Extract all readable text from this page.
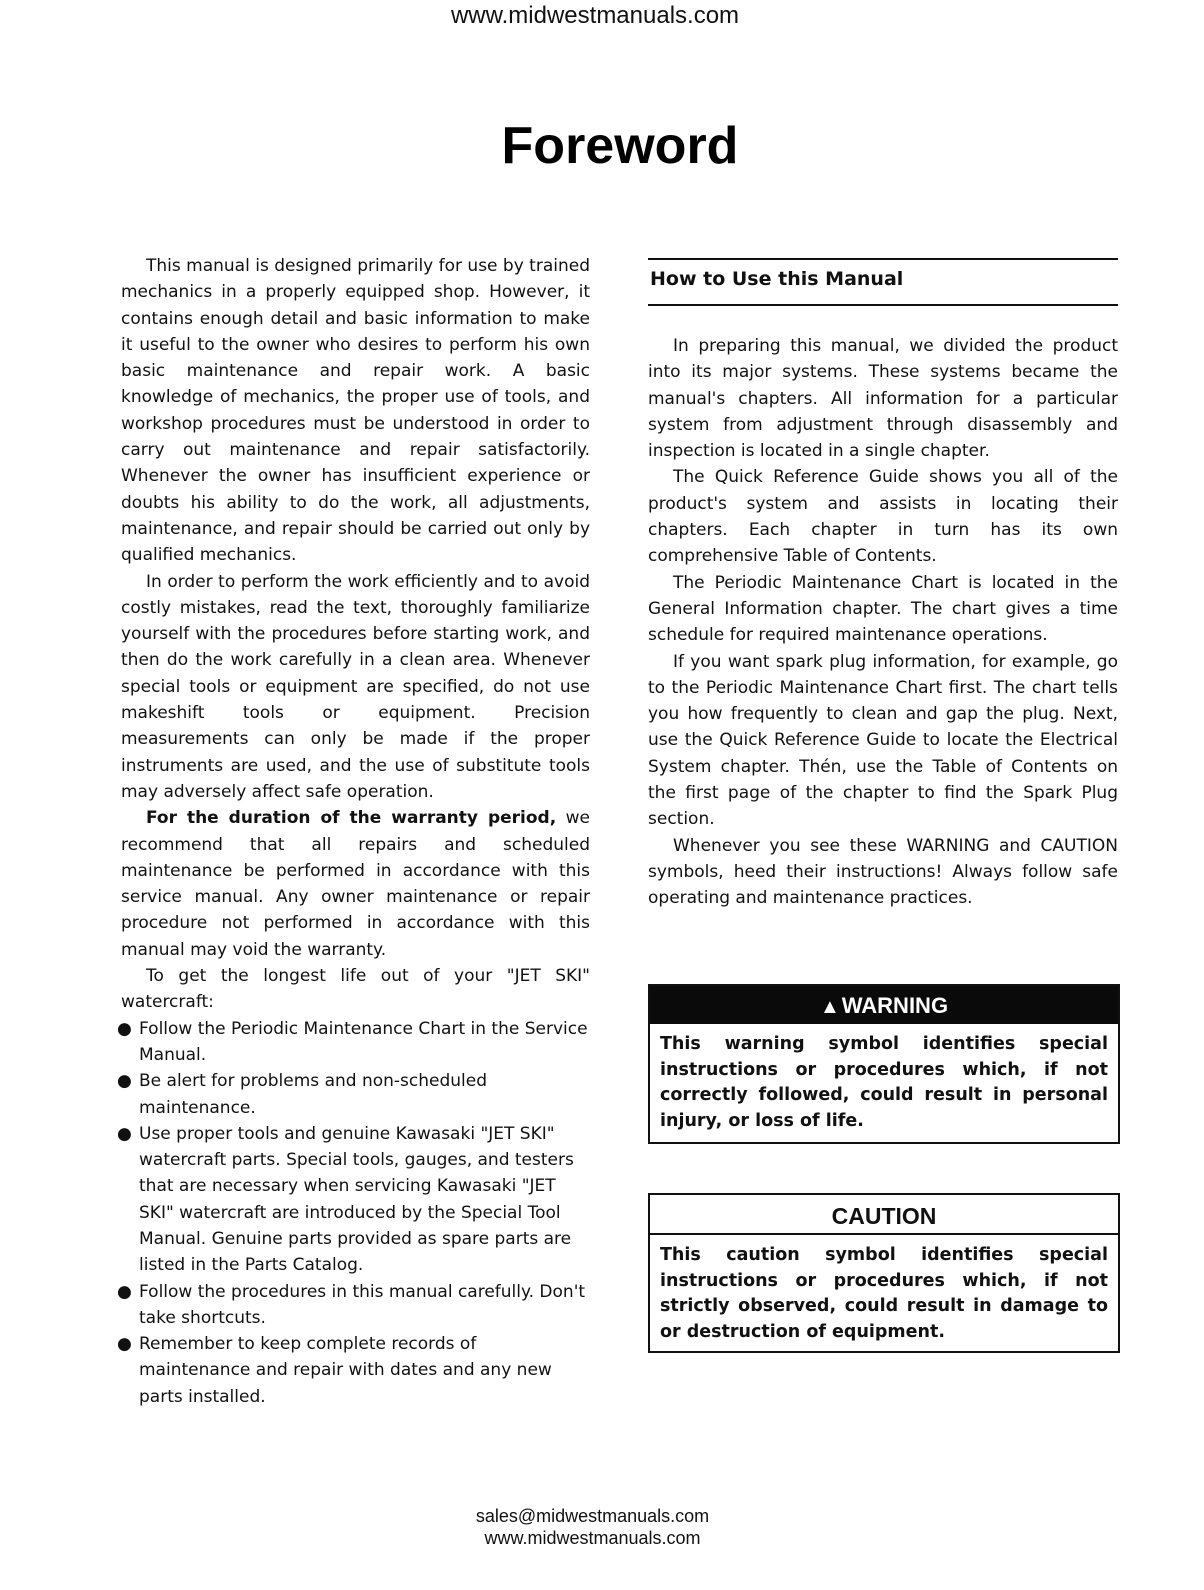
www.midwestmanuals.com
Foreword

This manual is designed primarily for use by trained mechanics in a properly equipped shop. However, it contains enough detail and basic information to make it useful to the owner who desires to perform his own basic maintenance and repair work. A basic knowledge of mechanics, the proper use of tools, and workshop procedures must be understood in order to carry out maintenance and repair satisfactorily. Whenever the owner has insufficient experience or doubts his ability to do the work, all adjustments, maintenance, and repair should be carried out only by qualified mechanics.

In order to perform the work efficiently and to avoid costly mistakes, read the text, thoroughly familiarize yourself with the procedures before starting work, and then do the work carefully in a clean area. Whenever special tools or equipment are specified, do not use makeshift tools or equipment. Precision measurements can only be made if the proper instruments are used, and the use of substitute tools may adversely affect safe operation.

For the duration of the warranty period, we recommend that all repairs and scheduled maintenance be performed in accordance with this service manual. Any owner maintenance or repair procedure not performed in accordance with this manual may void the warranty.

To get the longest life out of your "JET SKI" watercraft:

● Follow the Periodic Maintenance Chart in the Service Manual.
● Be alert for problems and non-scheduled maintenance.
● Use proper tools and genuine Kawasaki "JET SKI" watercraft parts. Special tools, gauges, and testers that are necessary when servicing Kawasaki "JET SKI" watercraft are introduced by the Special Tool Manual. Genuine parts provided as spare parts are listed in the Parts Catalog.
● Follow the procedures in this manual carefully. Don't take shortcuts.
● Remember to keep complete records of maintenance and repair with dates and any new parts installed.
How to Use this Manual

In preparing this manual, we divided the product into its major systems. These systems became the manual's chapters. All information for a particular system from adjustment through disassembly and inspection is located in a single chapter.

The Quick Reference Guide shows you all of the product's system and assists in locating their chapters. Each chapter in turn has its own comprehensive Table of Contents.

The Periodic Maintenance Chart is located in the General Information chapter. The chart gives a time schedule for required maintenance operations.

If you want spark plug information, for example, go to the Periodic Maintenance Chart first. The chart tells you how frequently to clean and gap the plug. Next, use the Quick Reference Guide to locate the Electrical System chapter. Thén, use the Table of Contents on the first page of the chapter to find the Spark Plug section.

Whenever you see these WARNING and CAUTION symbols, heed their instructions! Always follow safe operating and maintenance practices.

▲WARNING
This warning symbol identifies special instructions or procedures which, if not correctly followed, could result in personal injury, or loss of life.
CAUTION
This caution symbol identifies special instructions or procedures which, if not strictly observed, could result in damage to or destruction of equipment.
sales@midwestmanuals.com
www.midwestmanuals.com
